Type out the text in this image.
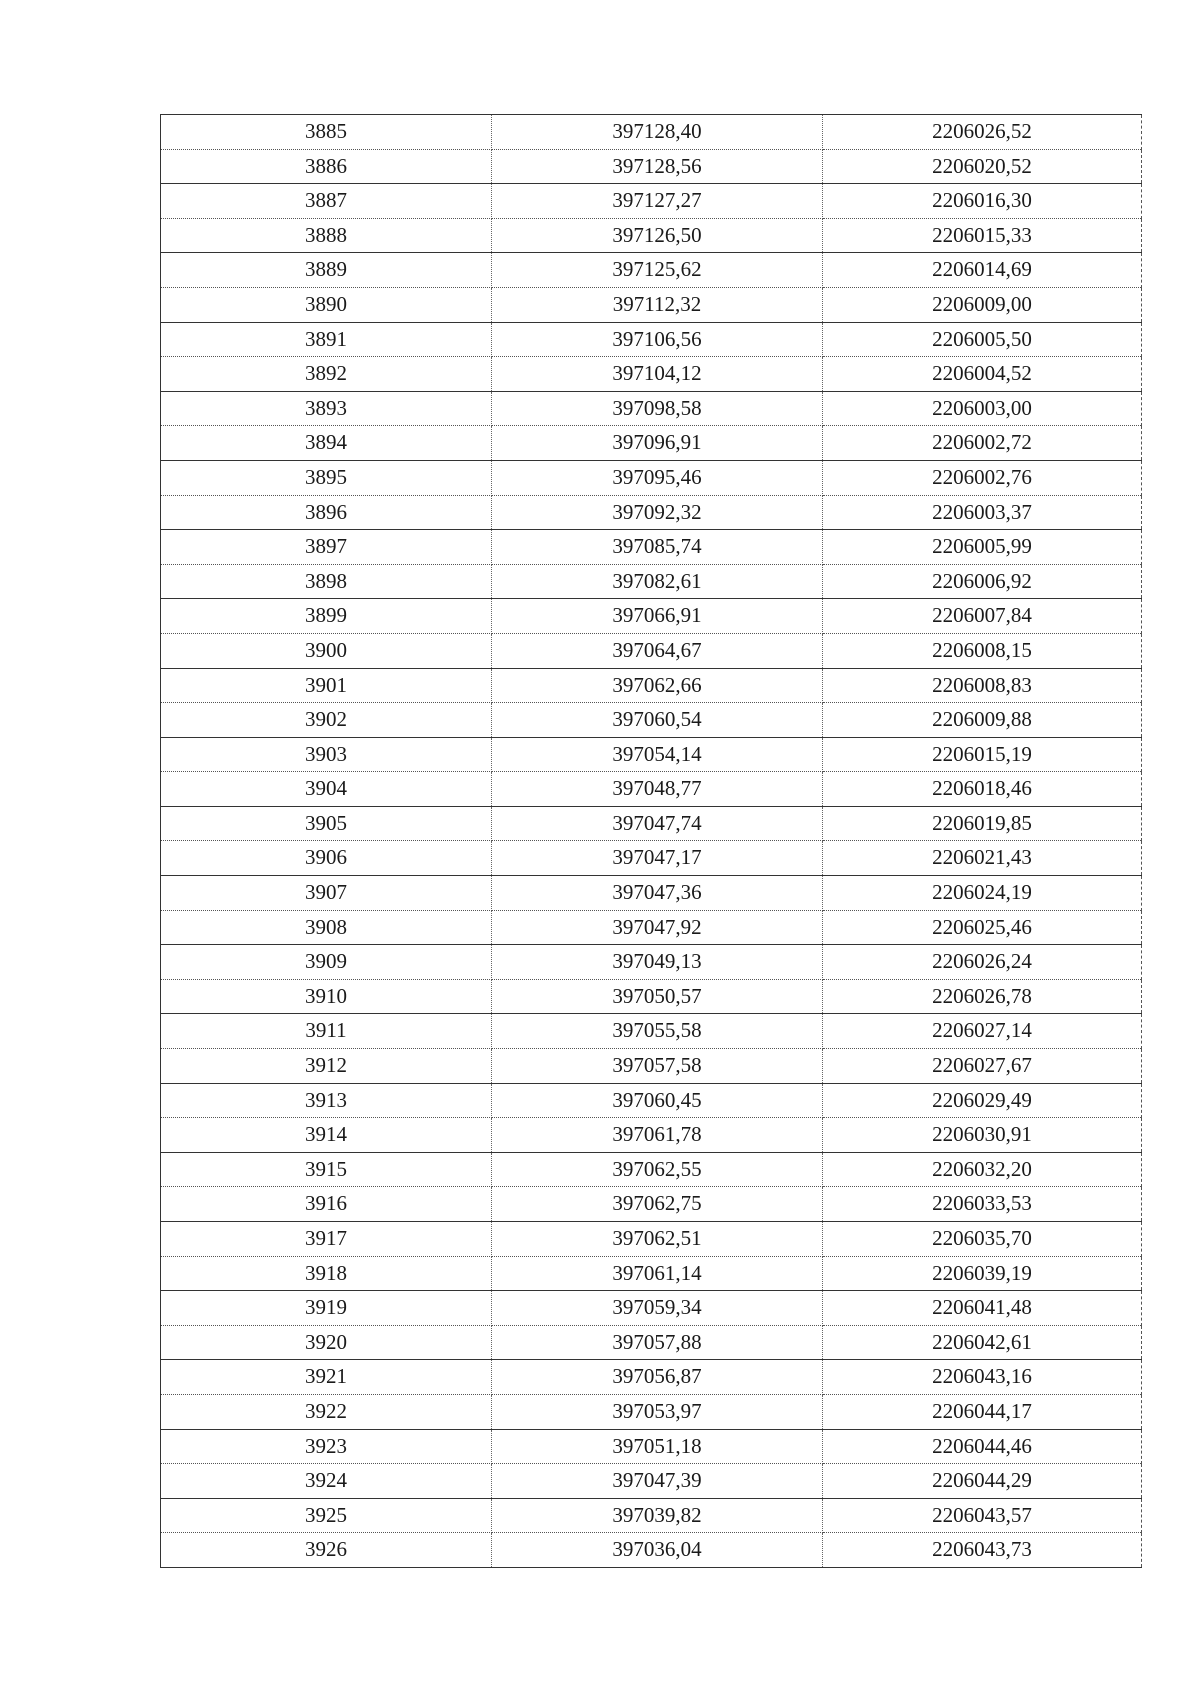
3885	397128,40	2206026,52
3886	397128,56	2206020,52
3887	397127,27	2206016,30
3888	397126,50	2206015,33
3889	397125,62	2206014,69
3890	397112,32	2206009,00
3891	397106,56	2206005,50
3892	397104,12	2206004,52
3893	397098,58	2206003,00
3894	397096,91	2206002,72
3895	397095,46	2206002,76
3896	397092,32	2206003,37
3897	397085,74	2206005,99
3898	397082,61	2206006,92
3899	397066,91	2206007,84
3900	397064,67	2206008,15
3901	397062,66	2206008,83
3902	397060,54	2206009,88
3903	397054,14	2206015,19
3904	397048,77	2206018,46
3905	397047,74	2206019,85
3906	397047,17	2206021,43
3907	397047,36	2206024,19
3908	397047,92	2206025,46
3909	397049,13	2206026,24
3910	397050,57	2206026,78
3911	397055,58	2206027,14
3912	397057,58	2206027,67
3913	397060,45	2206029,49
3914	397061,78	2206030,91
3915	397062,55	2206032,20
3916	397062,75	2206033,53
3917	397062,51	2206035,70
3918	397061,14	2206039,19
3919	397059,34	2206041,48
3920	397057,88	2206042,61
3921	397056,87	2206043,16
3922	397053,97	2206044,17
3923	397051,18	2206044,46
3924	397047,39	2206044,29
3925	397039,82	2206043,57
3926	397036,04	2206043,73
